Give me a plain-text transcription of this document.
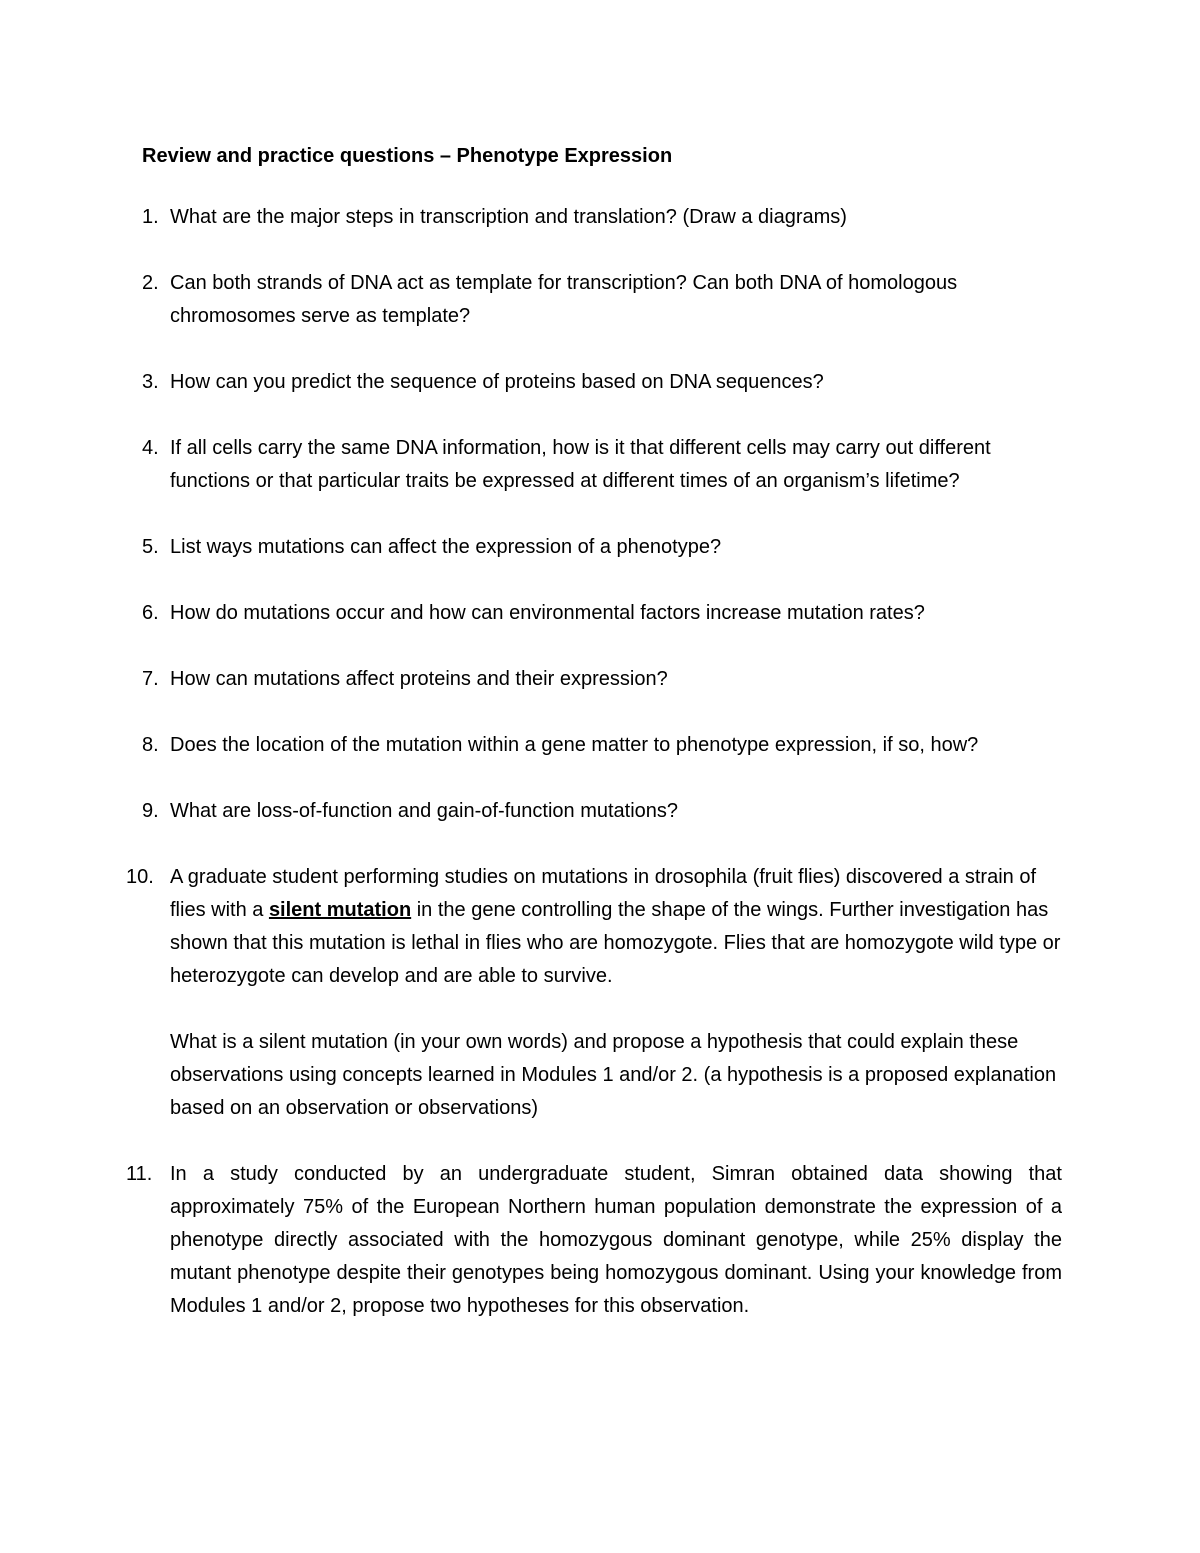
Review and practice questions – Phenotype Expression
1. What are the major steps in transcription and translation? (Draw a diagrams)

2. Can both strands of DNA act as template for transcription? Can both DNA of homologous chromosomes serve as template?

3. How can you predict the sequence of proteins based on DNA sequences?

4. If all cells carry the same DNA information, how is it that different cells may carry out different functions or that particular traits be expressed at different times of an organism’s lifetime?

5. List ways mutations can affect the expression of a phenotype?

6. How do mutations occur and how can environmental factors increase mutation rates?

7. How can mutations affect proteins and their expression?

8. Does the location of the mutation within a gene matter to phenotype expression, if so, how?

9. What are loss-of-function and gain-of-function mutations?

10. A graduate student performing studies on mutations in drosophila (fruit flies) discovered a strain of flies with a silent mutation in the gene controlling the shape of the wings. Further investigation has shown that this mutation is lethal in flies who are homozygote. Flies that are homozygote wild type or heterozygote can develop and are able to survive.

What is a silent mutation (in your own words) and propose a hypothesis that could explain these observations using concepts learned in Modules 1 and/or 2. (a hypothesis is a proposed explanation based on an observation or observations)

11. In a study conducted by an undergraduate student, Simran obtained data showing that approximately 75% of the European Northern human population demonstrate the expression of a phenotype directly associated with the homozygous dominant genotype, while 25% display the mutant phenotype despite their genotypes being homozygous dominant. Using your knowledge from Modules 1 and/or 2, propose two hypotheses for this observation.
